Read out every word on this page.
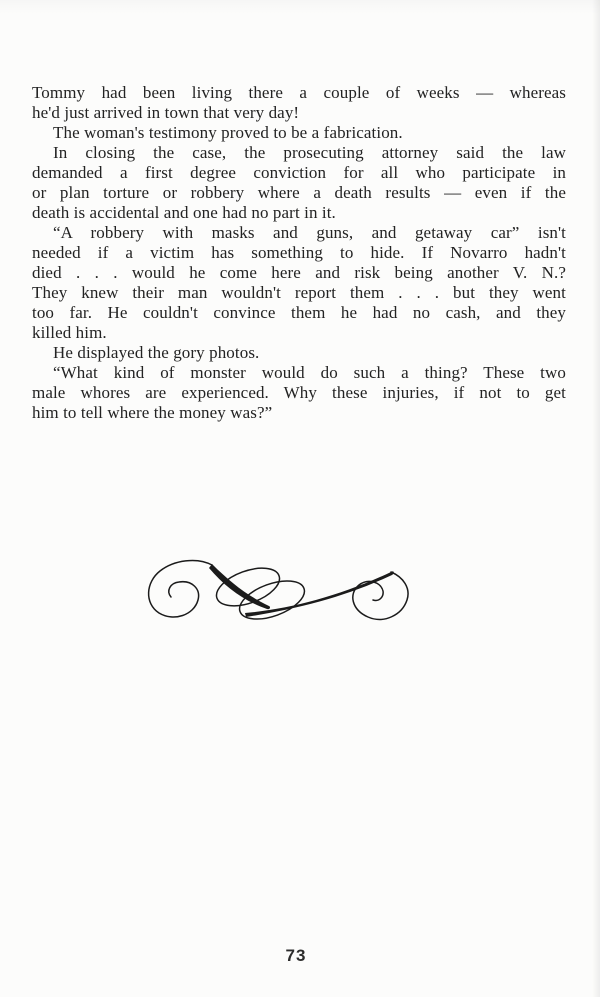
Tommy had been living there a couple of weeks — whereas
he'd just arrived in town that very day!
The woman's testimony proved to be a fabrication.
In closing the case, the prosecuting attorney said the law
demanded a first degree conviction for all who participate in
or plan torture or robbery where a death results — even if the
death is accidental and one had no part in it.
“A robbery with masks and guns, and getaway car” isn't
needed if a victim has something to hide. If Novarro hadn't
died . . . would he come here and risk being another V. N.?
They knew their man wouldn't report them . . . but they went
too far. He couldn't convince them he had no cash, and they
killed him.
He displayed the gory photos.
“What kind of monster would do such a thing? These two
male whores are experienced. Why these injuries, if not to get
him to tell where the money was?”
73
